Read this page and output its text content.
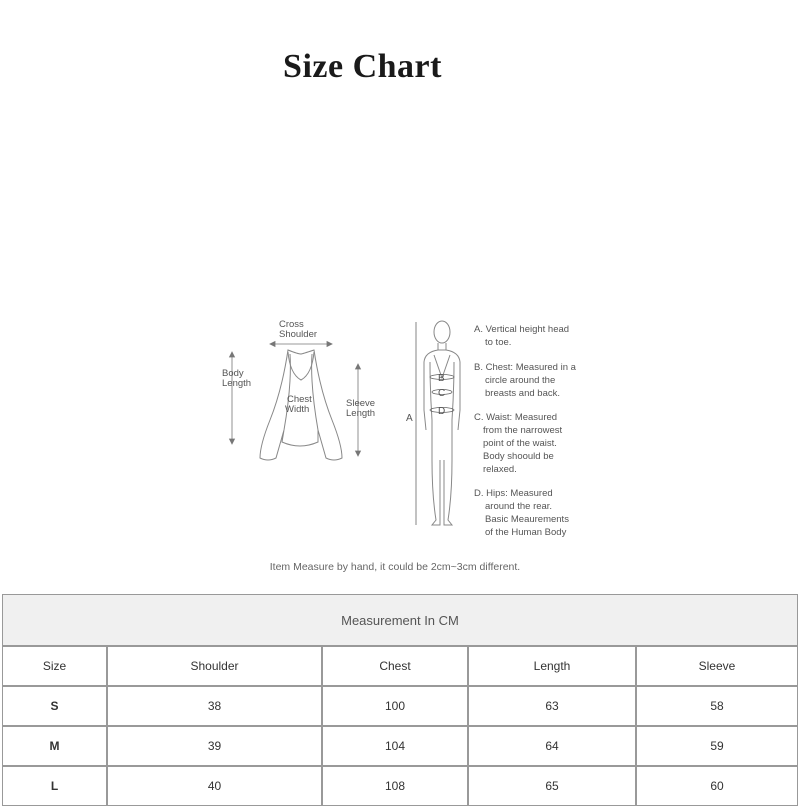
Size Chart
Cross
Shoulder
Body
Length
Chest
Width
Sleeve
Length	A
B
C
D
A. Vertical height head
to toe.
B. Chest: Measured in a
circle around the
breasts and back.
C. Waist: Measured
from the narrowest
point of the waist.
Body shoould be
relaxed.
D. Hips: Measured
around the rear.
Basic Meaurements
of the Human Body
Item Measure by hand, it could be 2cm~3cm different.
Measurement In CM				
Size	Shoulder	Chest	Length	Sleeve
S	38	100	63	58
M	39	104	64	59
L	40	108	65	60
